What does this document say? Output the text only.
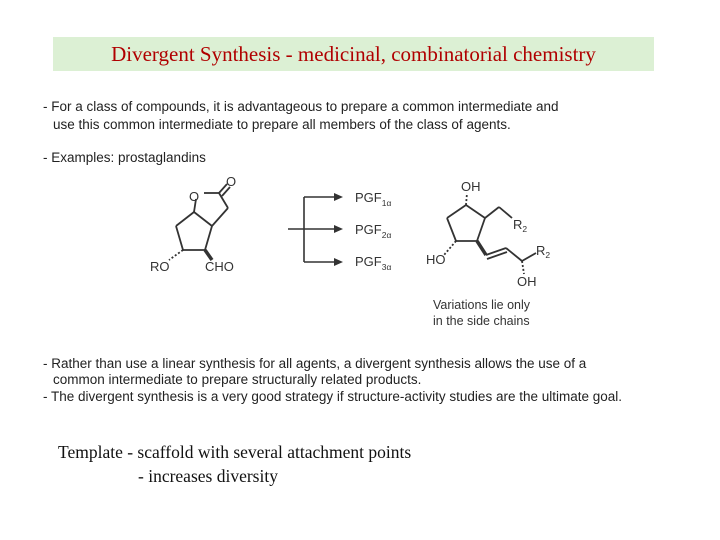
Divergent Synthesis - medicinal, combinatorial chemistry
- For a class of compounds, it is advantageous to prepare a common intermediate and
use this common intermediate to prepare all members of the class of agents.
- Examples: prostaglandins
O
O
RO	CHO
$PGF_{1\alpha}$
$PGF_{2\alpha}$
$PGF_{3\alpha}$
OH
$R_2$
HO
$R_2$
OH
Variations lie only
in the side chains
- Rather than use a linear synthesis for all agents, a divergent synthesis allows the use of a
common intermediate to prepare structurally related products.
- The divergent synthesis is a very good strategy if structure-activity studies are the ultimate goal.
Template - scaffold with several attachment points
- increases diversity
